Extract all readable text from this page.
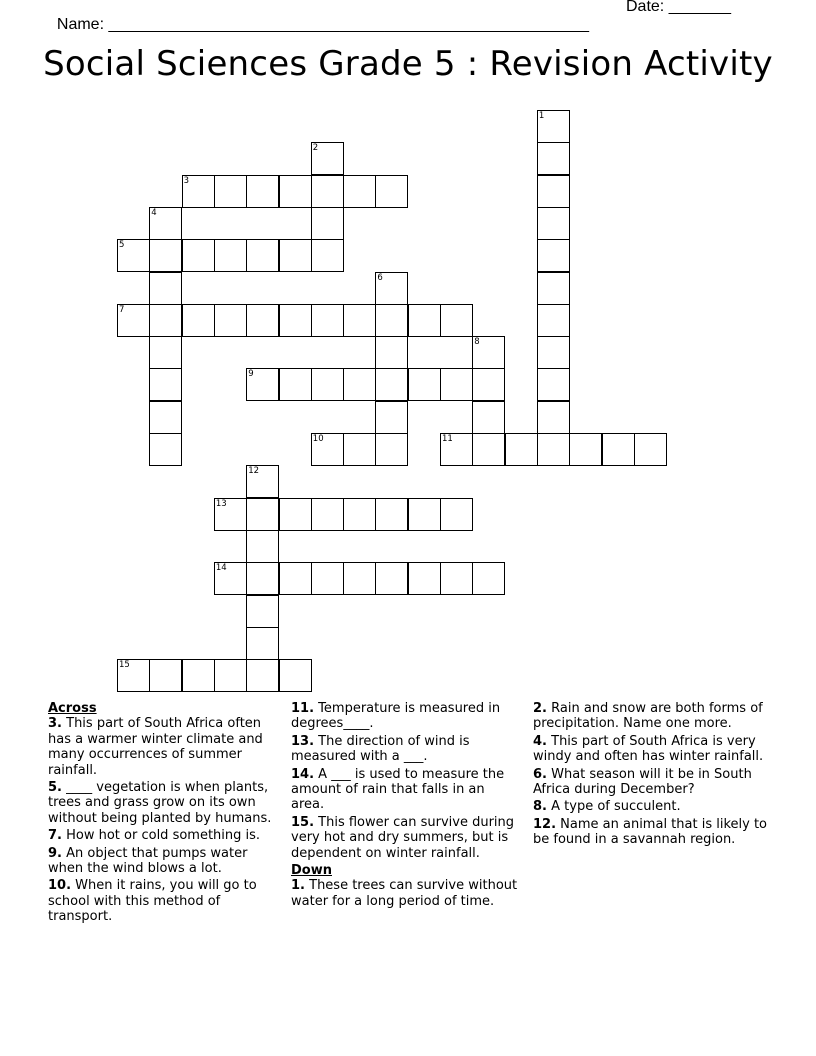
Name: ______________________________________________________

Date: _______

Social Sciences Grade 5 : Revision Activity
1
2
3
4
5
6
7
8
9
10	11
12
13
14
15

Across

3. This part of South Africa often has a warmer winter climate and many occurrences of summer rainfall.

5. ____ vegetation is when plants, trees and grass grow on its own without being planted by humans.

7. How hot or cold something is.

9. An object that pumps water when the wind blows a lot.

10. When it rains, you will go to school with this method of transport.

11. Temperature is measured in degrees____.

13. The direction of wind is measured with a ___.

14. A ___ is used to measure the amount of rain that falls in an area.

15. This flower can survive during very hot and dry summers, but is dependent on winter rainfall.

Down

1. These trees can survive without water for a long period of time.

2. Rain and snow are both forms of precipitation. Name one more.

4. This part of South Africa is very windy and often has winter rainfall.

6. What season will it be in South Africa during December?

8. A type of succulent.

12. Name an animal that is likely to be found in a savannah region.
